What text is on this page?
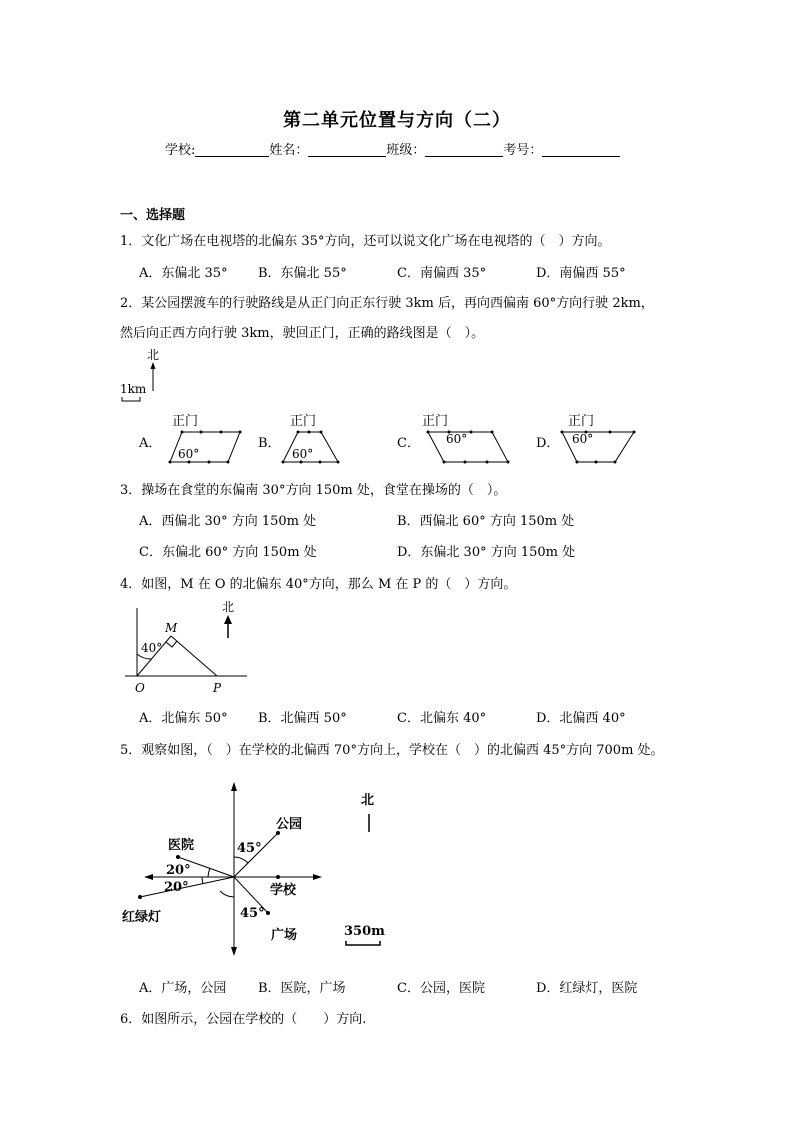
第二单元位置与方向（二）
学校:	姓名：	班级：	考号：
一、选择题
1．文化广场在电视塔的北偏东 35°方向，还可以说文化广场在电视塔的（　）方向。
A．东偏北 35° B．东偏北 55°	C．南偏西 35°	D．南偏西 55°
2．某公园摆渡车的行驶路线是从正门向正东行驶 3km 后，再向西偏南 60°方向行驶 2km，
然后向正西方向行驶 3km，驶回正门，正确的路线图是（　）。
北
1km
A．
正门
60°
B．
正门
60°
C．
正门
60°	D．
正门
60°
3．操场在食堂的东偏南 30°方向 150m 处，食堂在操场的（　）。
A．西偏北 30° 方向 150m 处	B．西偏北 60° 方向 150m 处
C．东偏北 60° 方向 150m 处	D．东偏北 30° 方向 150m 处
4．如图，M 在 O 的北偏东 40°方向，那么 M 在 P 的（　）方向。
40°
M
O	P
北
A．北偏东 50° B．北偏西 50°	C．北偏东 40°	D．北偏西 40°
5．观察如图，（　）在学校的北偏西 70°方向上，学校在（　）的北偏西 45°方向 700m 处。
45°
45°
20°
20°
公园
医院
学校
红绿灯
广场
北
350m
A．广场，公园 B．医院，广场	C．公园，医院	D．红绿灯，医院
6．如图所示，公园在学校的（　　）方向.
